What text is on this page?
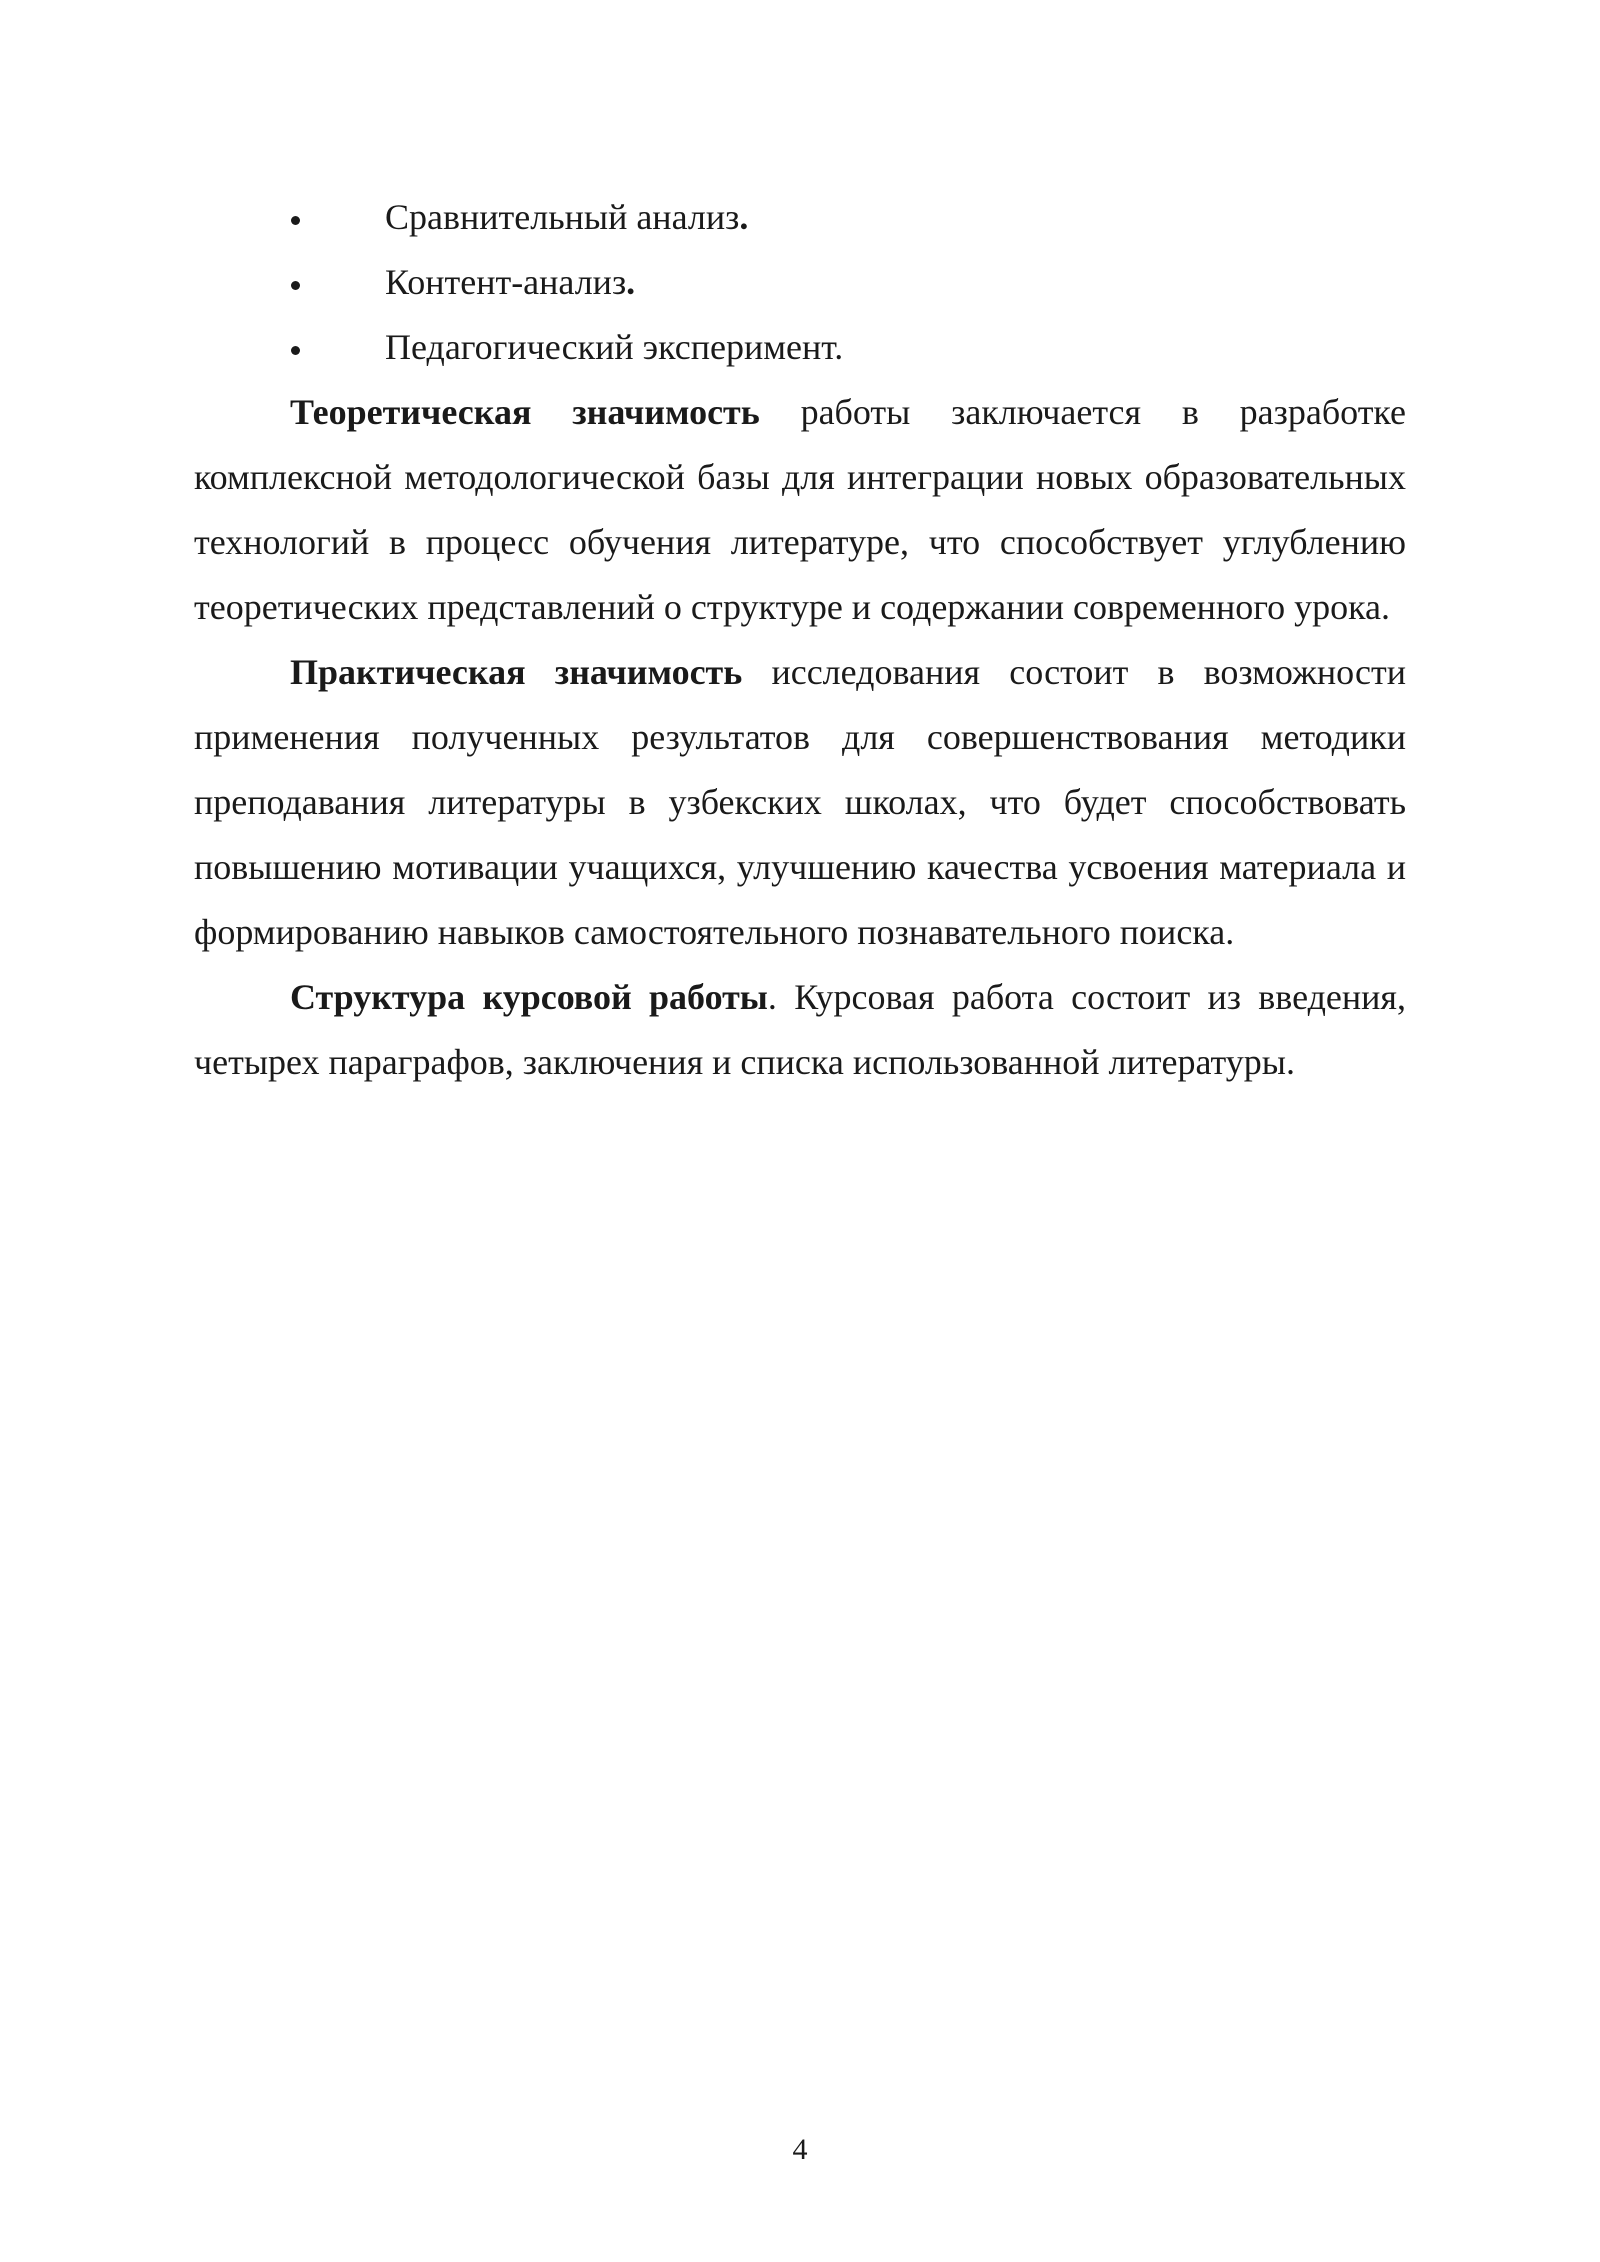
Сравнительный анализ.
Контент-анализ.
Педагогический эксперимент.

Теоретическая значимость работы заключается в разработке комплексной методологической базы для интеграции новых образовательных технологий в процесс обучения литературе, что способствует углублению теоретических представлений о структуре и содержании современного урока.

Практическая значимость исследования состоит в возможности применения полученных результатов для совершенствования методики преподавания литературы в узбекских школах, что будет способствовать повышению мотивации учащихся, улучшению качества усвоения материала и формированию навыков самостоятельного познавательного поиска.

Структура курсовой работы. Курсовая работа состоит из введения, четырех параграфов, заключения и списка использованной литературы.

4
